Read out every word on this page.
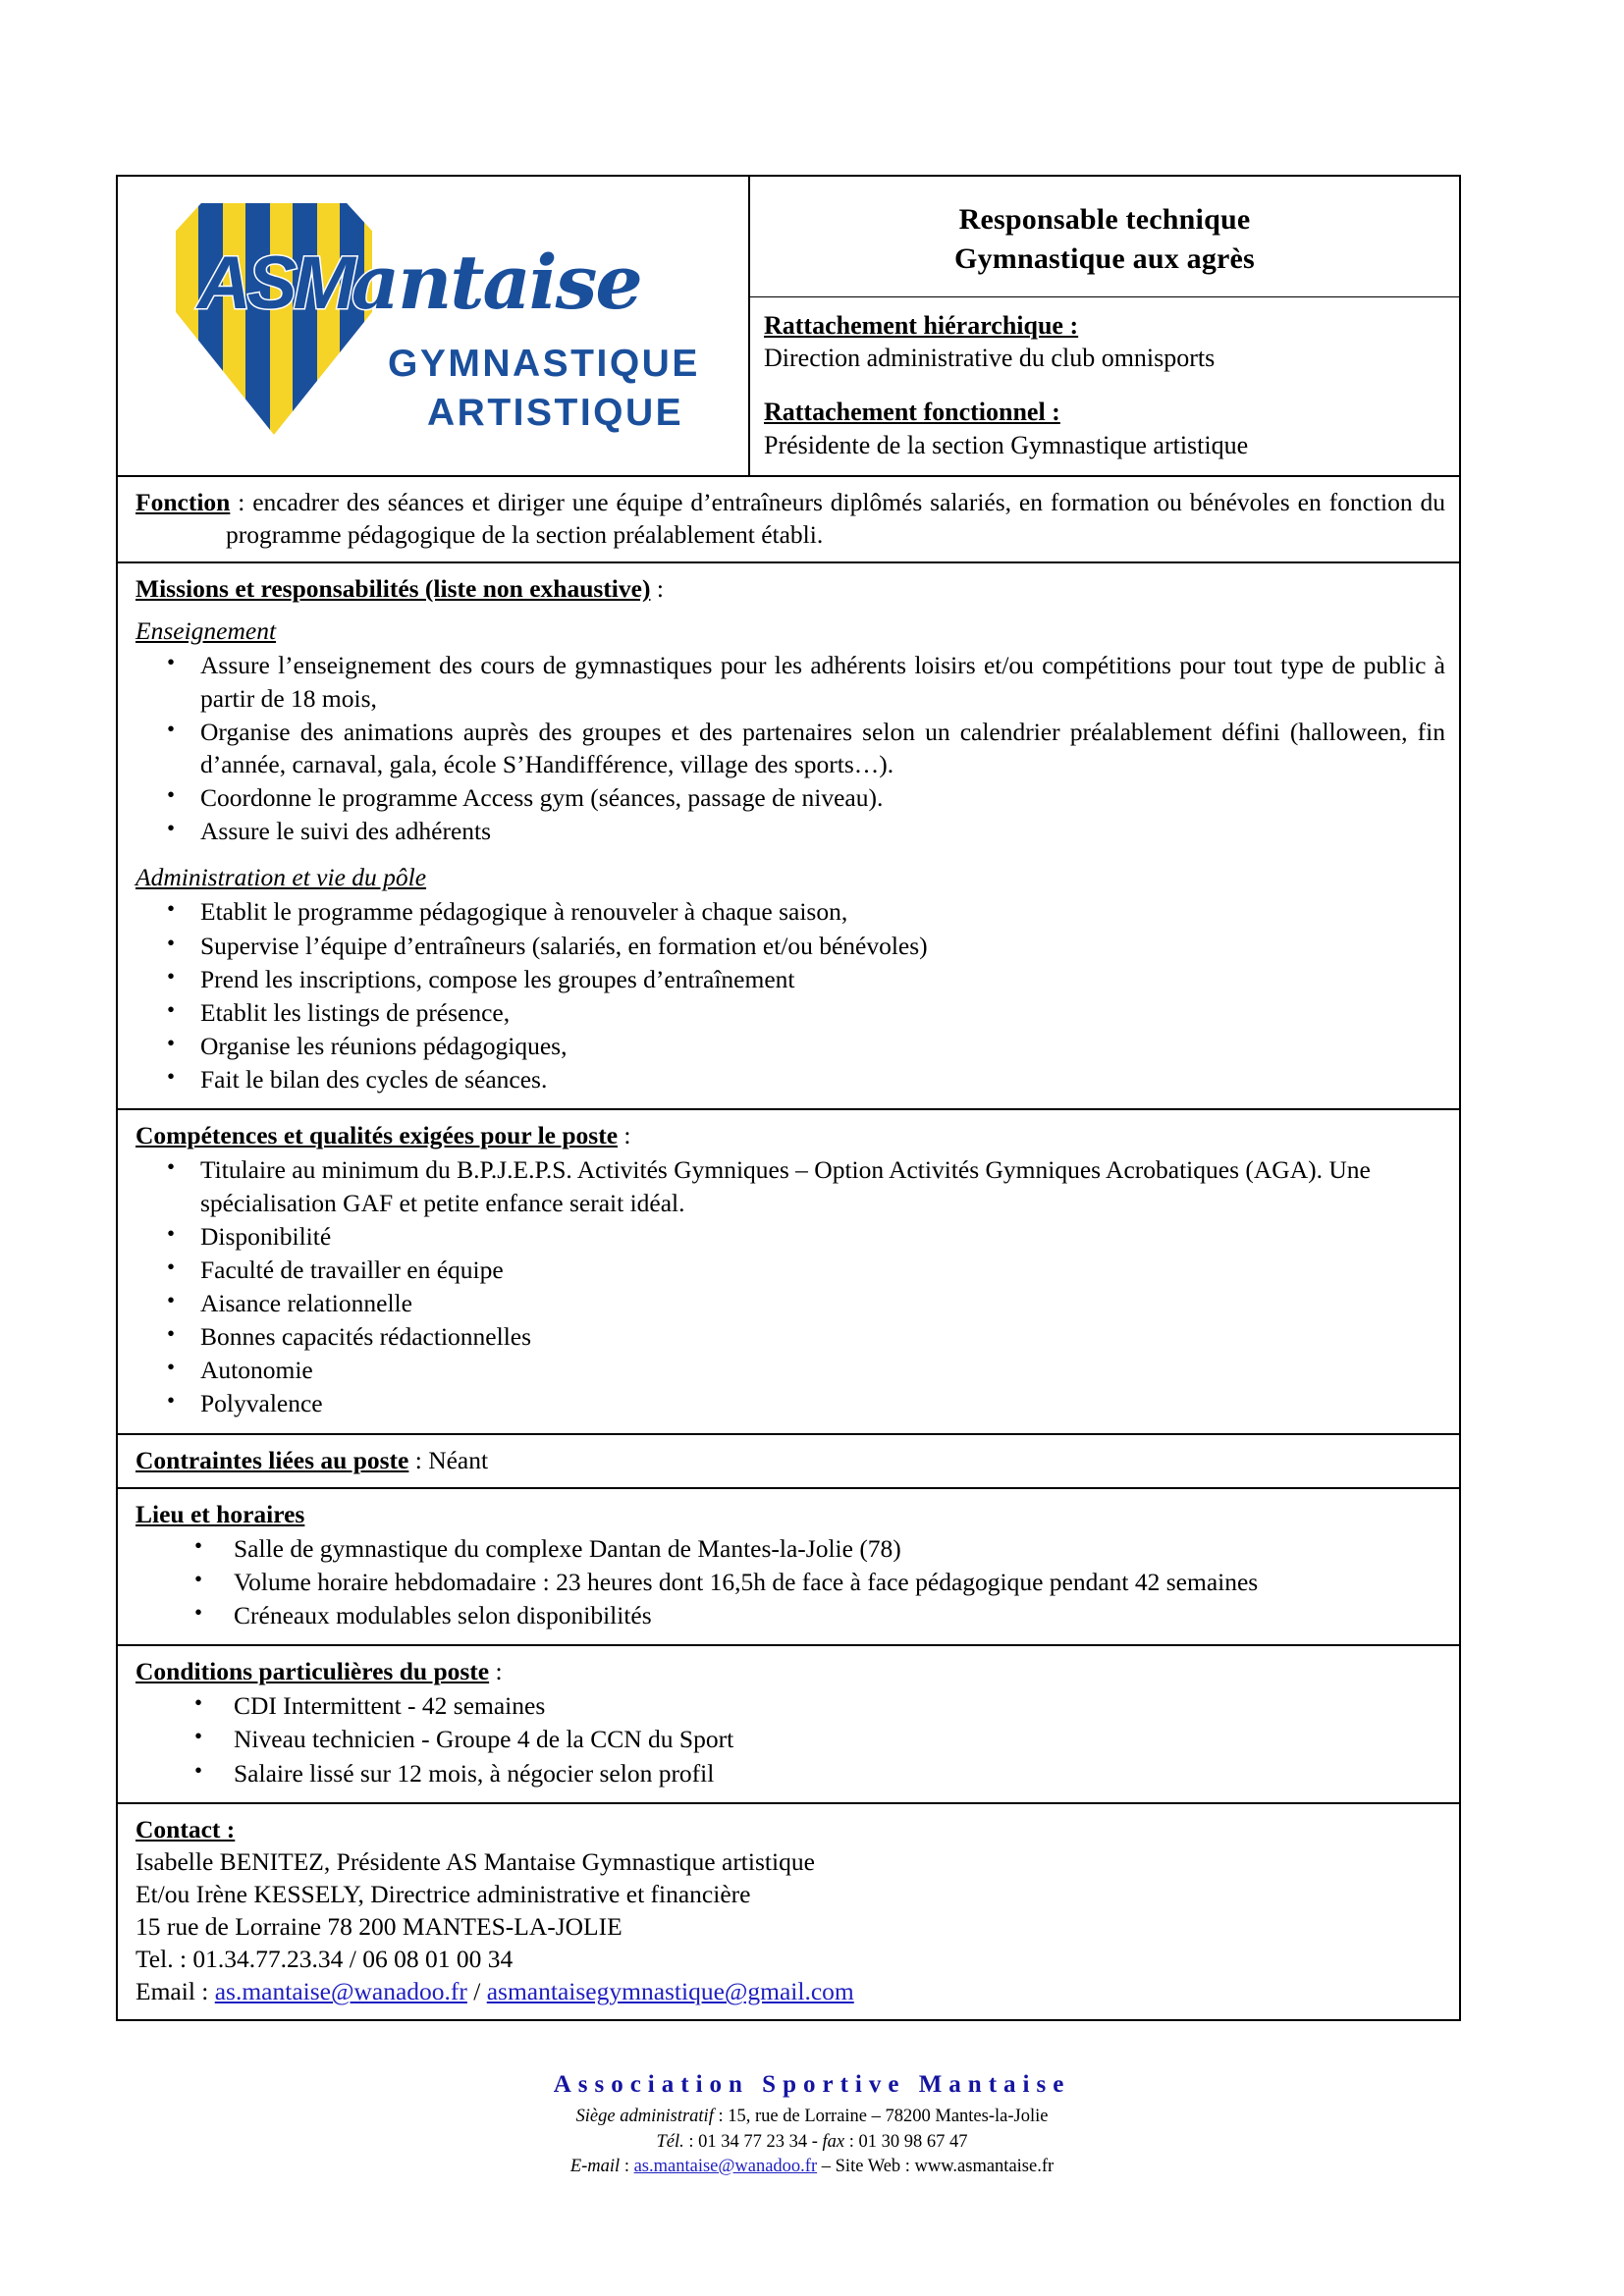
ASMantaise
GYMNASTIQUE
ARTISTIQUE
Responsable technique
Gymnastique aux agrès
Rattachement hiérarchique :
Direction administrative du club omnisports
Rattachement fonctionnel :
Présidente de la section Gymnastique artistique
Fonction : encadrer des séances et diriger une équipe d’entraîneurs diplômés salariés, en formation ou bénévoles en fonction du programme pédagogique de la section préalablement établi.
Missions et responsabilités (liste non exhaustive) :
Enseignement
• Assure l’enseignement des cours de gymnastiques pour les adhérents loisirs et/ou compétitions pour tout type de public à partir de 18 mois,
• Organise des animations auprès des groupes et des partenaires selon un calendrier préalablement défini (halloween, fin d’année, carnaval, gala, école S’Handifférence, village des sports…).
• Coordonne le programme Access gym (séances, passage de niveau).
• Assure le suivi des adhérents
Administration et vie du pôle
• Etablit le programme pédagogique à renouveler à chaque saison,
• Supervise l’équipe d’entraîneurs (salariés, en formation et/ou bénévoles)
• Prend les inscriptions, compose les groupes d’entraînement
• Etablit les listings de présence,
• Organise les réunions pédagogiques,
• Fait le bilan des cycles de séances.
Compétences et qualités exigées pour le poste :
• Titulaire au minimum du B.P.J.E.P.S. Activités Gymniques – Option Activités Gymniques Acrobatiques (AGA). Une spécialisation GAF et petite enfance serait idéal.
• Disponibilité
• Faculté de travailler en équipe
• Aisance relationnelle
• Bonnes capacités rédactionnelles
• Autonomie
• Polyvalence
Contraintes liées au poste : Néant
Lieu et horaires
• Salle de gymnastique du complexe Dantan de Mantes-la-Jolie (78)
• Volume horaire hebdomadaire : 23 heures dont 16,5h de face à face pédagogique pendant 42 semaines
• Créneaux modulables selon disponibilités
Conditions particulières du poste :
• CDI Intermittent - 42 semaines
• Niveau technicien - Groupe 4 de la CCN du Sport
• Salaire lissé sur 12 mois, à négocier selon profil
Contact :
Isabelle BENITEZ, Présidente AS Mantaise Gymnastique artistique
Et/ou Irène KESSELY, Directrice administrative et financière
15 rue de Lorraine 78 200 MANTES-LA-JOLIE
Tel. : 01.34.77.23.34 / 06 08 01 00 34
Email : as.mantaise@wanadoo.fr / asmantaisegymnastique@gmail.com
Association Sportive Mantaise
Siège administratif : 15, rue de Lorraine – 78200 Mantes-la-Jolie
Tél. : 01 34 77 23 34 - fax : 01 30 98 67 47
E-mail : as.mantaise@wanadoo.fr – Site Web : www.asmantaise.fr
